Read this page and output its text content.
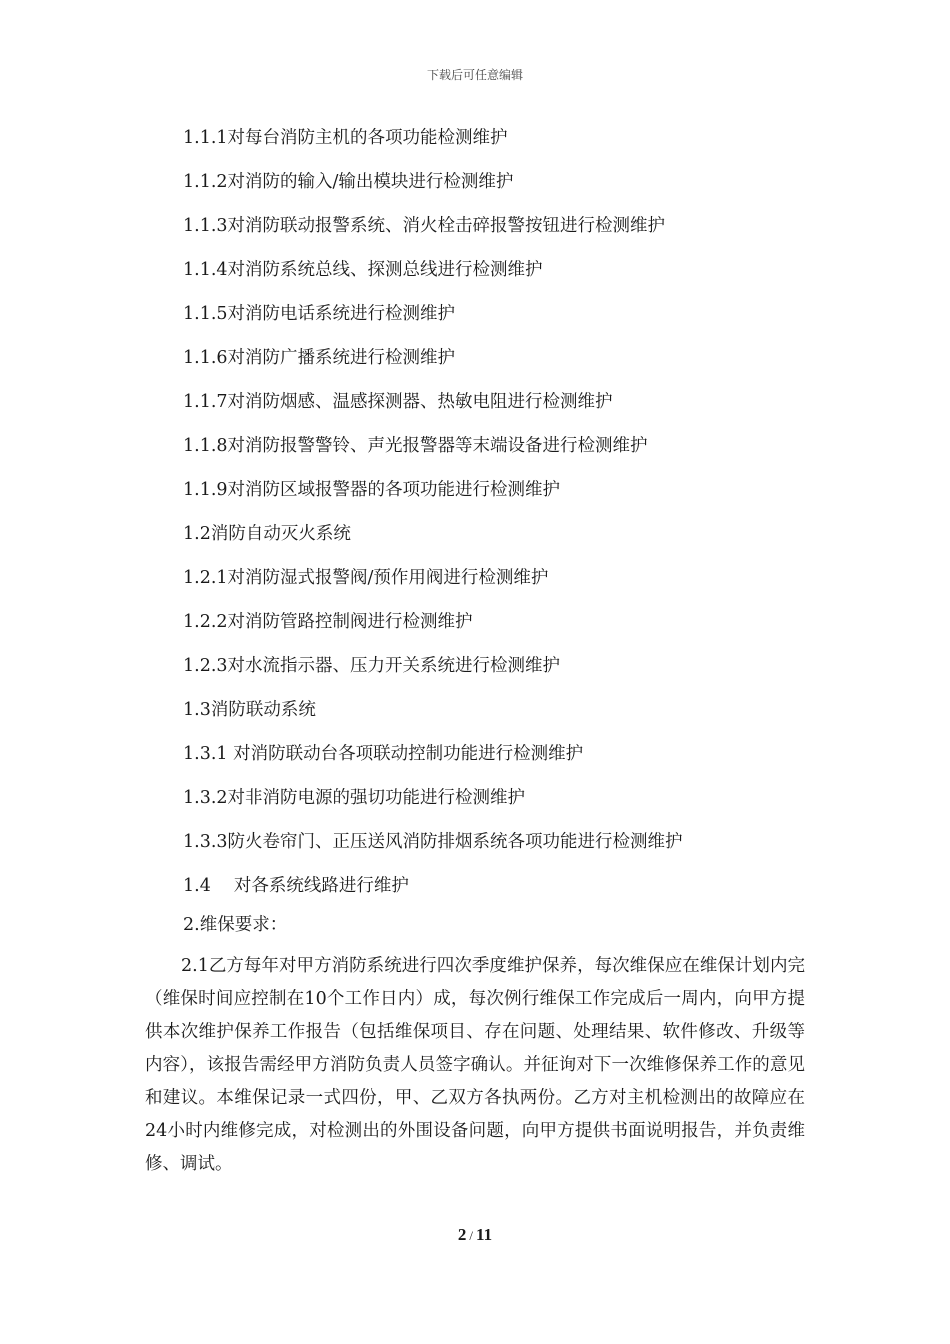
下载后可任意编辑
1.1.1对每台消防主机的各项功能检测维护
1.1.2对消防的输入/输出模块进行检测维护
1.1.3对消防联动报警系统、消火栓击碎报警按钮进行检测维护
1.1.4对消防系统总线、探测总线进行检测维护
1.1.5对消防电话系统进行检测维护
1.1.6对消防广播系统进行检测维护
1.1.7对消防烟感、温感探测器、热敏电阻进行检测维护
1.1.8对消防报警警铃、声光报警器等末端设备进行检测维护
1.1.9对消防区域报警器的各项功能进行检测维护
1.2消防自动灭火系统
1.2.1对消防湿式报警阀/预作用阀进行检测维护
1.2.2对消防管路控制阀进行检测维护
1.2.3对水流指示器、压力开关系统进行检测维护
1.3消防联动系统
1.3.1 对消防联动台各项联动控制功能进行检测维护
1.3.2对非消防电源的强切功能进行检测维护
1.3.3防火卷帘门、正压送风消防排烟系统各项功能进行检测维护
1.4　 对各系统线路进行维护
2.维保要求：

2.1乙方每年对甲方消防系统进行四次季度维护保养，每次维保应在维保计划内完（维保时间应控制在10个工作日内）成，每次例行维保工作完成后一周内，向甲方提供本次维护保养工作报告（包括维保项目、存在问题、处理结果、软件修改、升级等内容），该报告需经甲方消防负责人员签字确认。并征询对下一次维修保养工作的意见和建议。本维保记录一式四份，甲、乙双方各执两份。乙方对主机检测出的故障应在24小时内维修完成，对检测出的外围设备问题，向甲方提供书面说明报告，并负责维修、调试。

2 / 11
